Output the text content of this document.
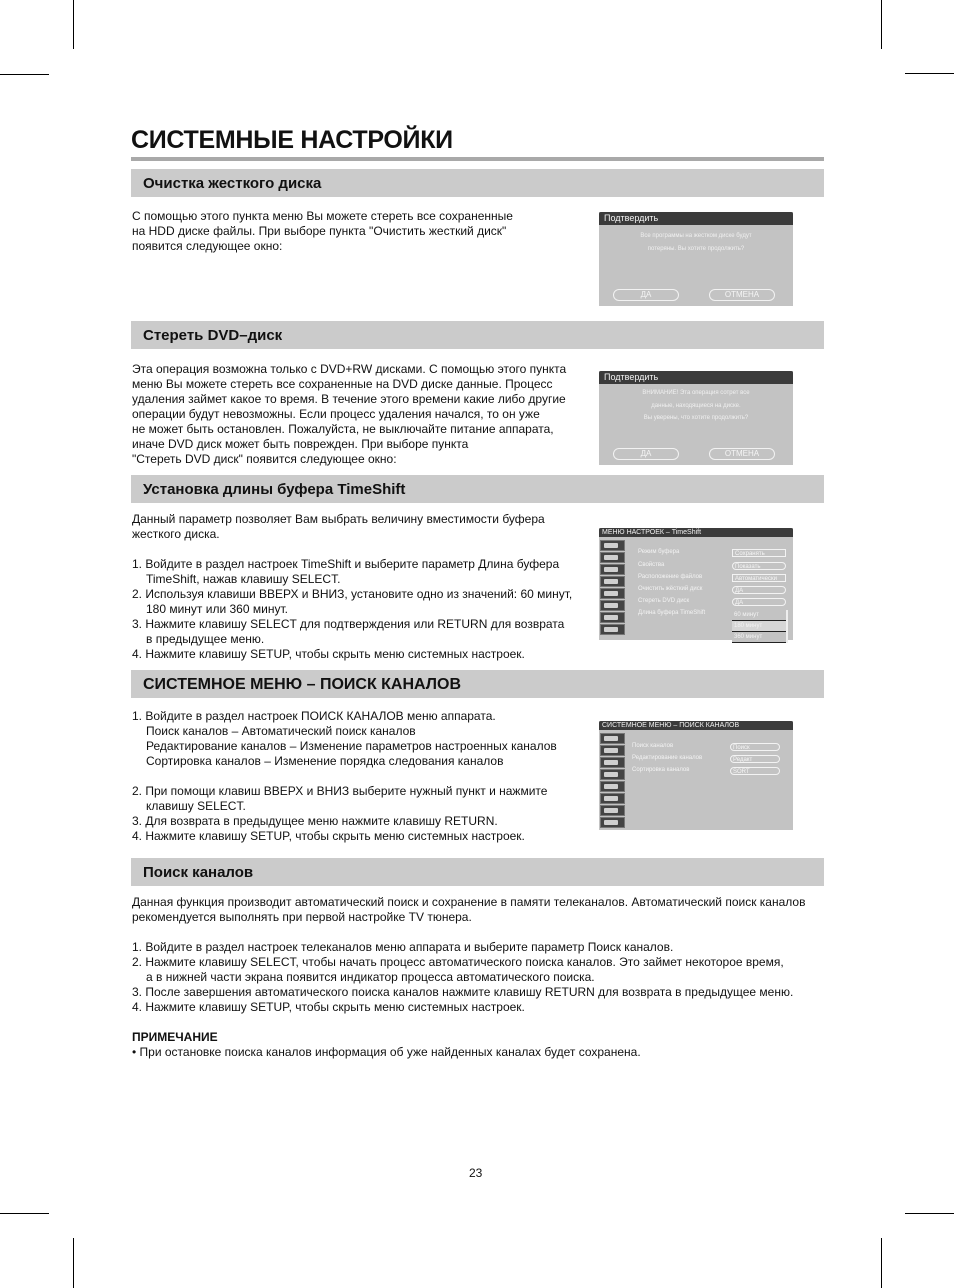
СИСТЕМНЫЕ НАСТРОЙКИ
Очистка жесткого диска

С помощью этого пункта меню Вы можете стереть все сохраненные

на HDD диске файлы. При выборе пункта "Очистить жесткий диск"

появится следующее окно:

Подтвердить
Все программы на жестком диске будут
потеряны. Вы хотите продолжить?
ДА	ОТМЕНА
Стереть DVD–диск

Эта операция возможна только с DVD+RW дисками. С помощью этого пункта

меню Вы можете стереть все сохраненные на DVD диске данные. Процесс

удаления займет какое то время. В течение этого времени какие либо другие

операции будут невозможны. Если процесс удаления начался, то он уже

не может быть остановлен. Пожалуйста, не выключайте питание аппарата,

иначе DVD диск может быть поврежден. При выборе пункта

"Стереть DVD диск" появится следующее окно:

Подтвердить
ВНИМАНИЕ! Эта операция сотрет все
данные, находящиеся на диске.
Вы уверены, что хотите продолжить?
ДА	ОТМЕНА
Установка длины буфера TimeShift

Данный параметр позволяет Вам выбрать величину вместимости буфера

жесткого диска.

1. Войдите в раздел настроек TimeShift и выберите параметр Длина буфера
TimeShift, нажав клавишу SELECT.
2. Используя клавиши ВВЕРХ и ВНИЗ, установите одно из значений: 60 минут,
180 минут или 360 минут.
3. Нажмите клавишу SELECT для подтверждения или RETURN для возврата
в предыдущее меню.
4. Нажмите клавишу SETUP, чтобы скрыть меню системных настроек.
МЕНЮ НАСТРОЕК – TimeShift
Режим буфера	Сохранять
Свойства	Показать
Расположение файлов	Автоматически
Очистить жёсткий диск	ДА
Стереть DVD диск	ДА
Длина буфера TimeShift	60 минут
180 минут
360 минут
СИСТЕМНОЕ МЕНЮ – ПОИСК КАНАЛОВ
1. Войдите в раздел настроек ПОИСК КАНАЛОВ меню аппарата.
Поиск каналов – Автоматический поиск каналов
Редактирование каналов – Изменение параметров настроенных каналов
Сортировка каналов – Изменение порядка следования каналов
2. При помощи клавиш ВВЕРХ и ВНИЗ выберите нужный пункт и нажмите
клавишу SELECT.
3. Для возврата в предыдущее меню нажмите клавишу RETURN.
4. Нажмите клавишу SETUP, чтобы скрыть меню системных настроек.
СИСТЕМНОЕ МЕНЮ – ПОИСК КАНАЛОВ
Поиск каналов	Поиск
Редактирование каналов	Редакт
Сортировка каналов	SORT
Поиск каналов

Данная функция производит автоматический поиск и сохранение в памяти телеканалов. Автоматический поиск каналов

рекомендуется выполнять при первой настройке TV тюнера.

1. Войдите в раздел настроек телеканалов меню аппарата и выберите параметр Поиск каналов.
2. Нажмите клавишу SELECT, чтобы начать процесс автоматического поиска каналов. Это займет некоторое время,
а в нижней части экрана появится индикатор процесса автоматического поиска.
3. После завершения автоматического поиска каналов нажмите клавишу RETURN для возврата в предыдущее меню.
4. Нажмите клавишу SETUP, чтобы скрыть меню системных настроек.

ПРИМЕЧАНИЕ

• При остановке поиска каналов информация об уже найденных каналах будет сохранена.

23
